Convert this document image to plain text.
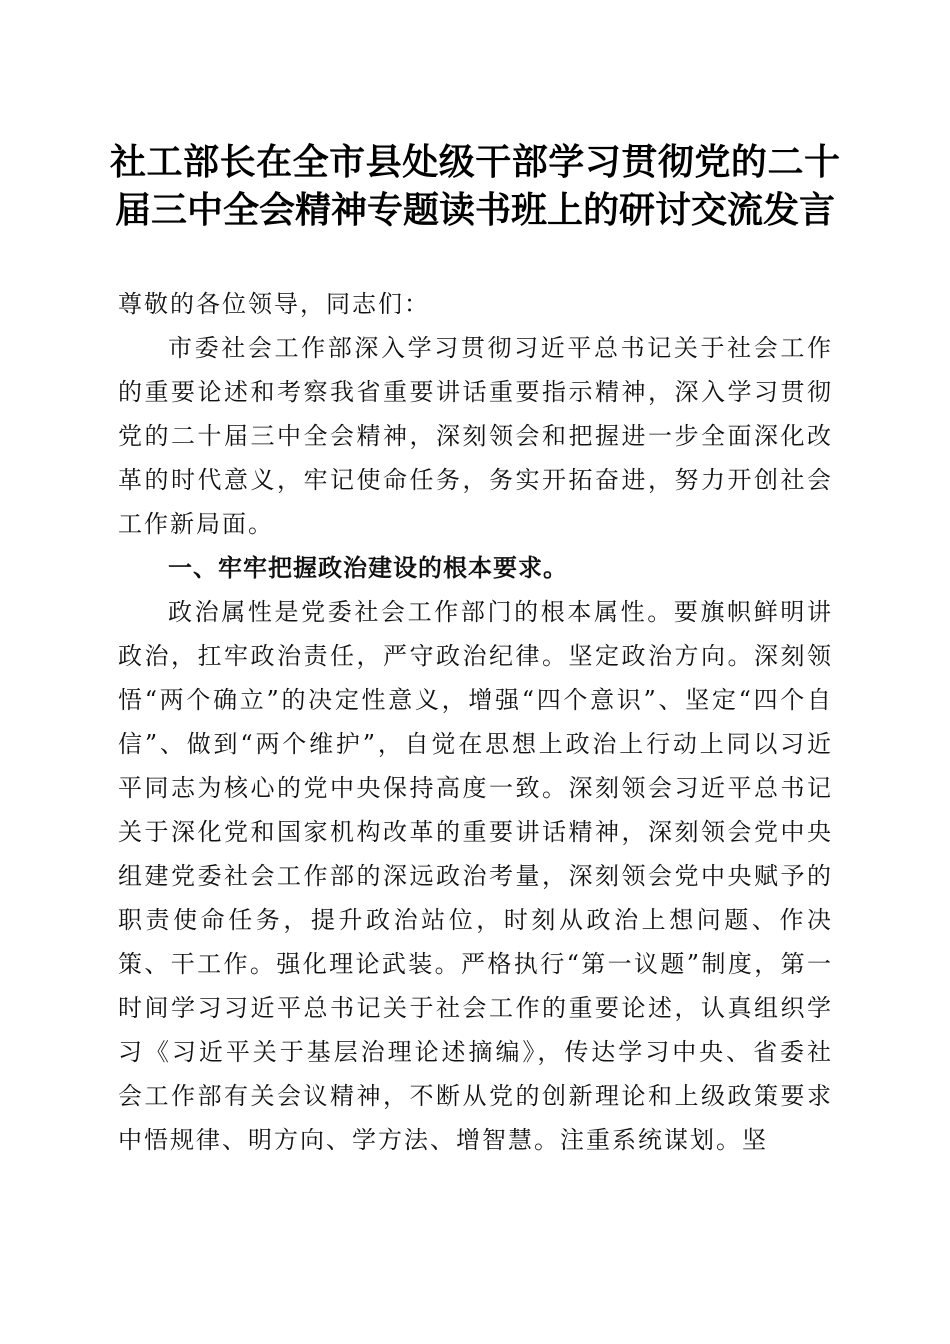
社工部长在全市县处级干部学习贯彻党的二十届三中全会精神专题读书班上的研讨交流发言

尊敬的各位领导，同志们：

市委社会工作部深入学习贯彻习近平总书记关于社会工作的重要论述和考察我省重要讲话重要指示精神，深入学习贯彻党的二十届三中全会精神，深刻领会和把握进一步全面深化改革的时代意义，牢记使命任务，务实开拓奋进，努力开创社会工作新局面。

一、牢牢把握政治建设的根本要求。

政治属性是党委社会工作部门的根本属性。要旗帜鲜明讲政治，扛牢政治责任，严守政治纪律。坚定政治方向。深刻领悟“两个确立”的决定性意义，增强“四个意识”、坚定“四个自信”、做到“两个维护”，自觉在思想上政治上行动上同以习近平同志为核心的党中央保持高度一致。深刻领会习近平总书记关于深化党和国家机构改革的重要讲话精神，深刻领会党中央组建党委社会工作部的深远政治考量，深刻领会党中央赋予的职责使命任务，提升政治站位，时刻从政治上想问题、作决策、干工作。强化理论武装。严格执行“第一议题”制度，第一时间学习习近平总书记关于社会工作的重要论述，认真组织学习《习近平关于基层治理论述摘编》，传达学习中央、省委社会工作部有关会议精神，不断从党的创新理论和上级政策要求中悟规律、明方向、学方法、增智慧。注重系统谋划。坚
